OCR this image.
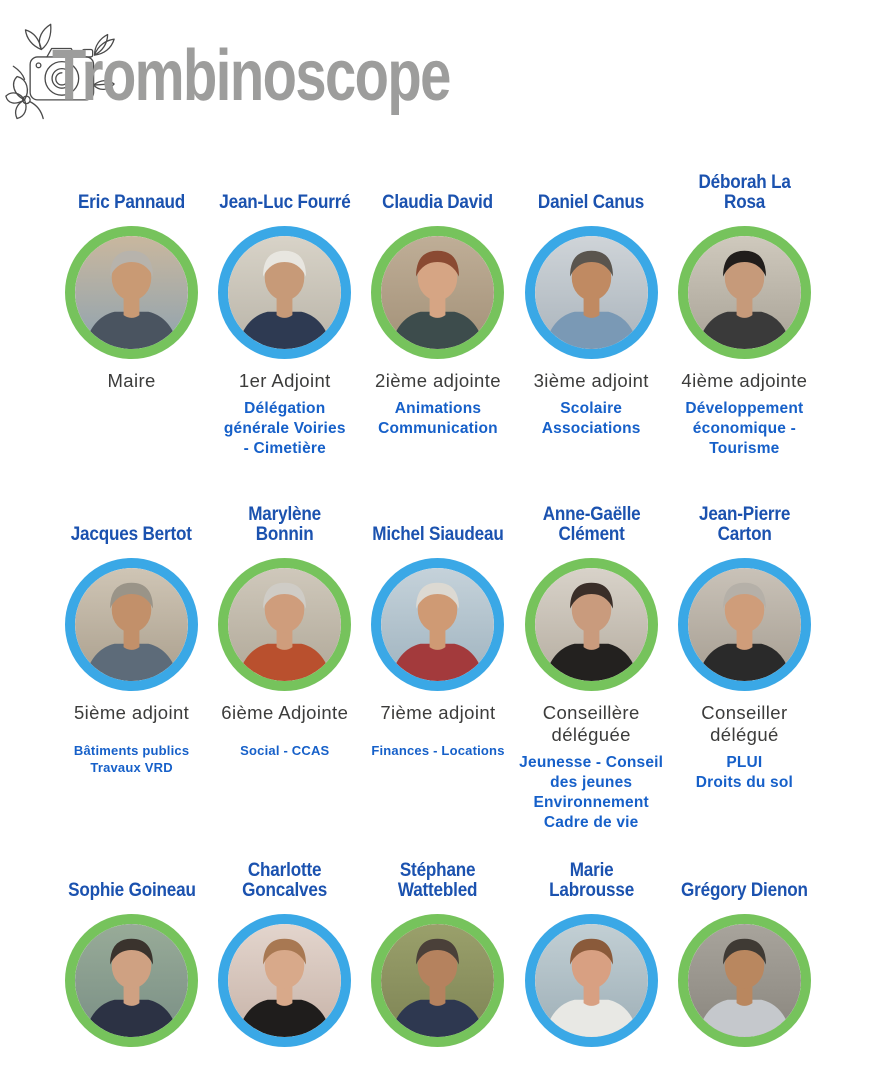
Trombinoscope
Eric Pannaud
Maire
Jean-Luc Fourré
1er Adjoint
Délégation
générale Voiries
- Cimetière
Claudia David
2ième adjointe
Animations
Communication
Daniel Canus
3ième adjoint
Scolaire
Associations
Déborah La Rosa
4ième adjointe
Développement
économique -
Tourisme
Jacques Bertot
5ième adjoint
Bâtiments publics
Travaux VRD
Marylène Bonnin
6ième Adjointe
Social - CCAS
Michel Siaudeau
7ième adjoint
Finances - Locations
Anne-Gaëlle Clément
Conseillère déléguée
Jeunesse - Conseil
des jeunes
Environnement
Cadre de vie
Jean-Pierre Carton
Conseiller délégué
PLUI
Droits du sol
Sophie Goineau
Charlotte Goncalves
Stéphane Wattebled
Marie Labrousse	Grégory Dienon
